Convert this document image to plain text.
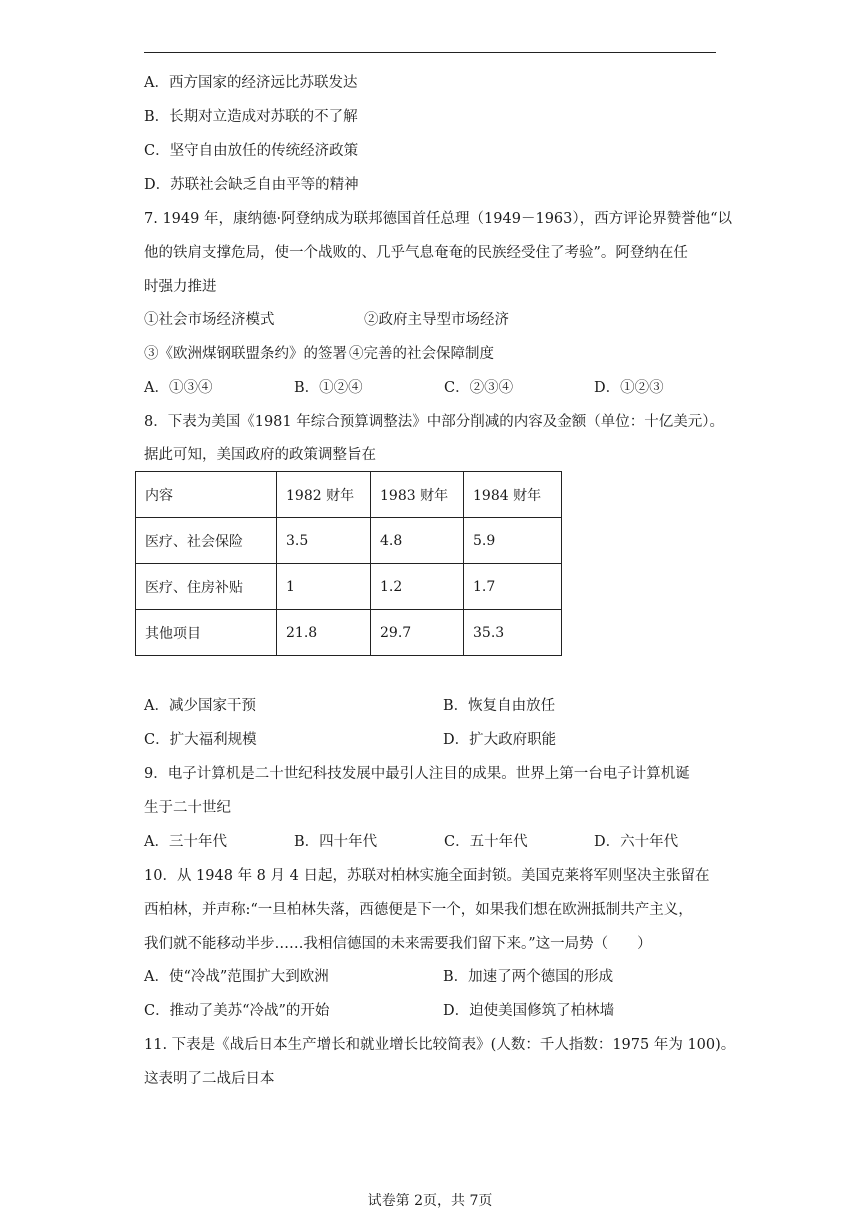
A．西方国家的经济远比苏联发达
B．长期对立造成对苏联的不了解
C．坚守自由放任的传统经济政策
D．苏联社会缺乏自由平等的精神
7. 1949 年，康纳德·阿登纳成为联邦德国首任总理（1949－1963），西方评论界赞誉他“以
他的铁肩支撑危局，使一个战败的、几乎气息奄奄的民族经受住了考验”。阿登纳在任
时强力推进
①社会市场经济模式	②政府主导型市场经济
③《欧洲煤钢联盟条约》的签署 ④完善的社会保障制度
A．①③④	B．①②④	C．②③④	D．①②③
8．下表为美国《1981 年综合预算调整法》中部分削减的内容及金额（单位：十亿美元）。
据此可知，美国政府的政策调整旨在
内容	1982 财年	1983 财年	1984 财年
医疗、社会保险	3.5	4.8	5.9
医疗、住房补贴	1	1.2	1.7
其他项目	21.8	29.7	35.3
A．减少国家干预	B．恢复自由放任
C．扩大福利规模	D．扩大政府职能
9．电子计算机是二十世纪科技发展中最引人注目的成果。世界上第一台电子计算机诞
生于二十世纪
A．三十年代	B．四十年代	C．五十年代	D．六十年代
10．从 1948 年 8 月 4 日起，苏联对柏林实施全面封锁。美国克莱将军则坚决主张留在
西柏林，并声称:“一旦柏林失落，西德便是下一个，如果我们想在欧洲抵制共产主义，
我们就不能移动半步……我相信德国的未来需要我们留下来。”这一局势（　　）
A．使“冷战”范围扩大到欧洲	B．加速了两个德国的形成
C．推动了美苏“冷战”的开始	D．迫使美国修筑了柏林墙
11. 下表是《战后日本生产增长和就业增长比较简表》(人数：千人指数：1975 年为 100)。
这表明了二战后日本
试卷第 2页，共 7页
